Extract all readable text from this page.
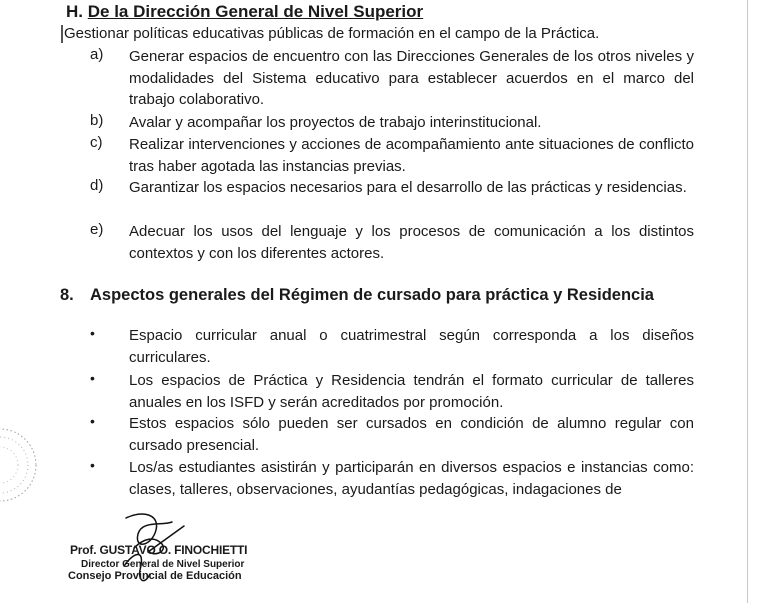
H. De la Dirección General de Nivel Superior
Gestionar políticas educativas públicas de formación en el campo de la Práctica.
a)	Generar espacios de encuentro con las Direcciones Generales de los otros niveles y modalidades del Sistema educativo para establecer acuerdos en el marco del trabajo colaborativo.
b)	Avalar y acompañar los proyectos de trabajo interinstitucional.
c)	Realizar intervenciones y acciones de acompañamiento ante situaciones de conflicto tras haber agotada las instancias previas.
d)	Garantizar los espacios necesarios para el desarrollo de las prácticas y residencias.
e)	Adecuar los usos del lenguaje y los procesos de comunicación a los distintos contextos y con los diferentes actores.
8. Aspectos generales del Régimen de cursado para práctica y Residencia
•	Espacio curricular anual o cuatrimestral según corresponda a los diseños curriculares.
•	Los espacios de Práctica y Residencia tendrán el formato curricular de talleres anuales en los ISFD y serán acreditados por promoción.
•	Estos espacios sólo pueden ser cursados en condición de alumno regular con cursado presencial.
•	Los/as estudiantes asistirán y participarán en diversos espacios e instancias como: clases, talleres, observaciones, ayudantías pedagógicas, indagaciones de
Prof. GUSTAVO O. FINOCHIETTI
Director General de Nivel Superior
Consejo Provincial de Educación
